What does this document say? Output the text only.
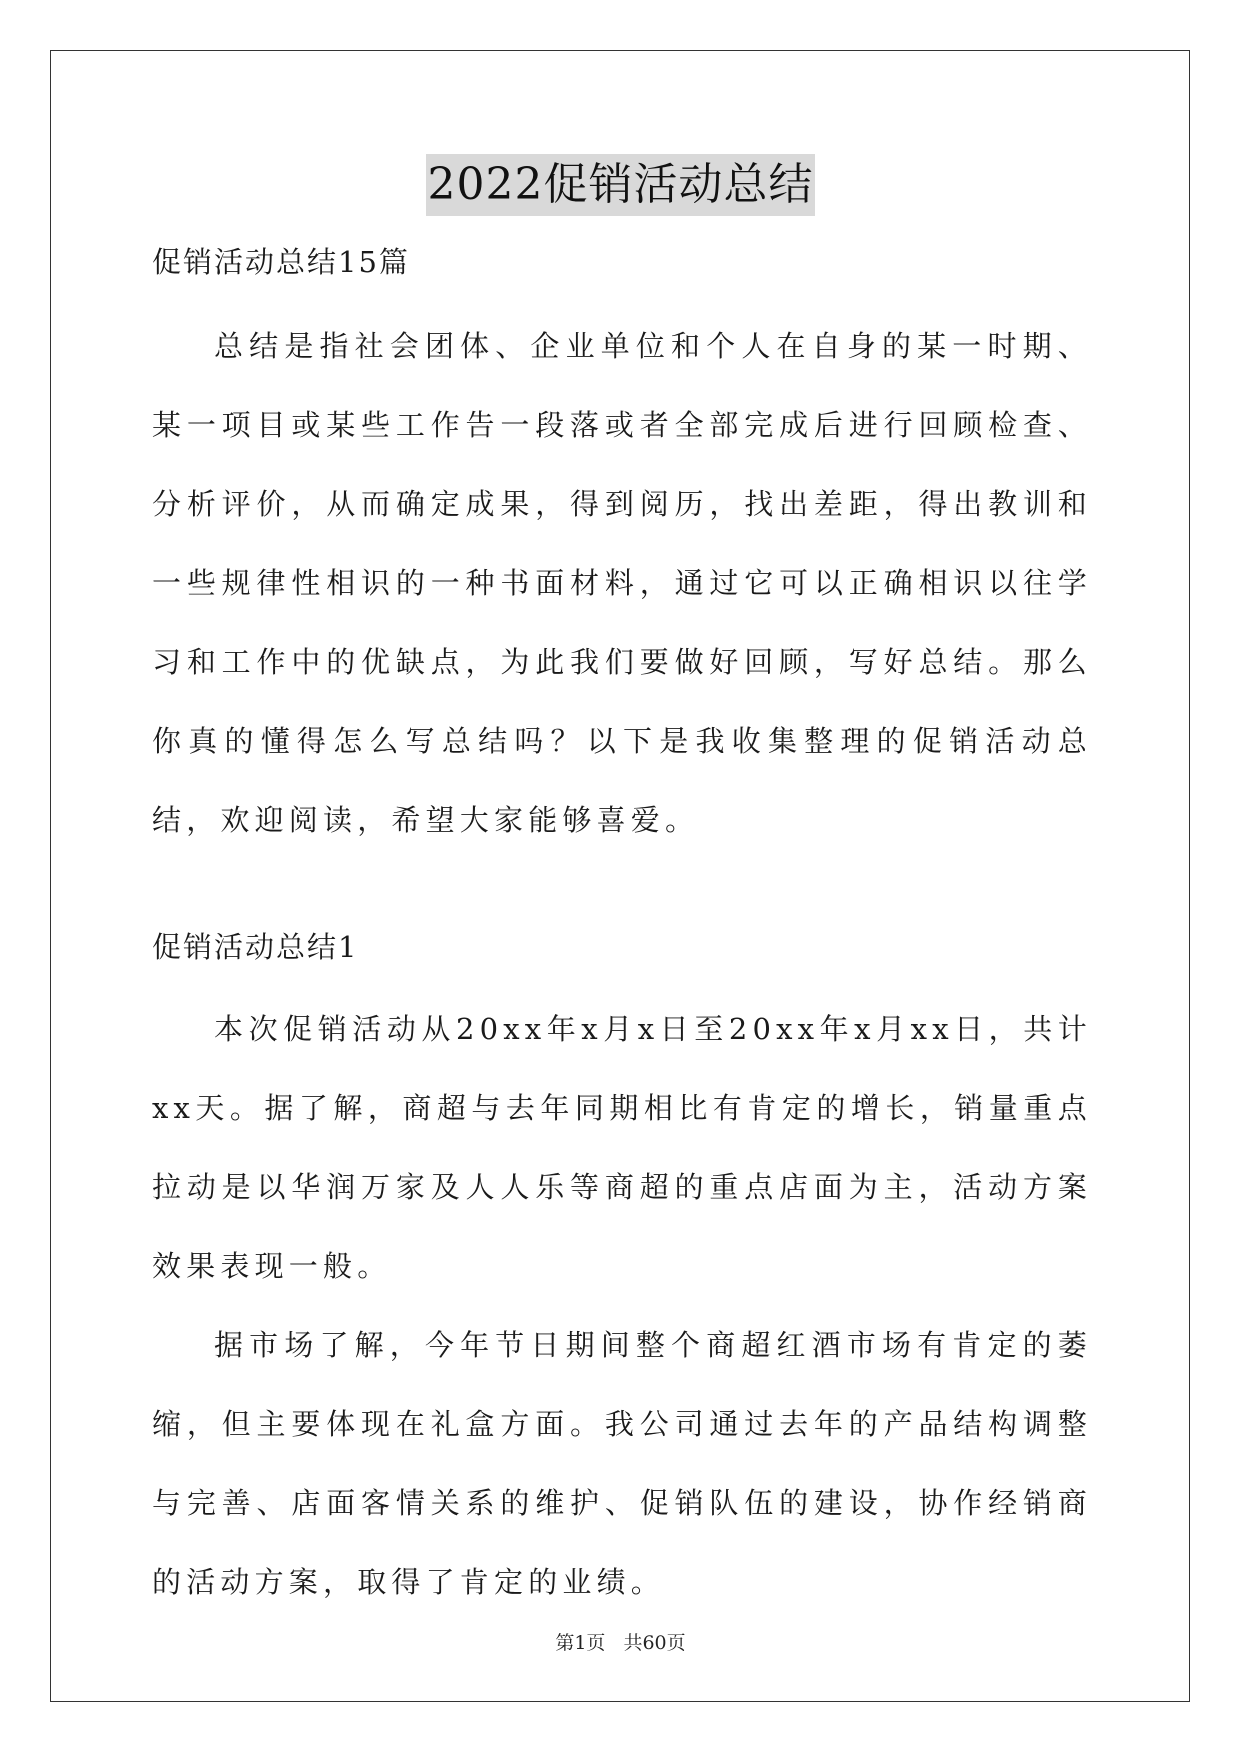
2022促销活动总结

促销活动总结15篇

总结是指社会团体、企业单位和个人在自身的某一时期、某一项目或某些工作告一段落或者全部完成后进行回顾检查、分析评价，从而确定成果，得到阅历，找出差距，得出教训和一些规律性相识的一种书面材料，通过它可以正确相识以往学习和工作中的优缺点，为此我们要做好回顾，写好总结。那么你真的懂得怎么写总结吗？以下是我收集整理的促销活动总结，欢迎阅读，希望大家能够喜爱。

促销活动总结1

本次促销活动从20xx年x月x日至20xx年x月xx日，共计xx天。据了解，商超与去年同期相比有肯定的增长，销量重点拉动是以华润万家及人人乐等商超的重点店面为主，活动方案效果表现一般。

据市场了解，今年节日期间整个商超红酒市场有肯定的萎缩，但主要体现在礼盒方面。我公司通过去年的产品结构调整与完善、店面客情关系的维护、促销队伍的建设，协作经销商的活动方案，取得了肯定的业绩。

第1页 共60页
